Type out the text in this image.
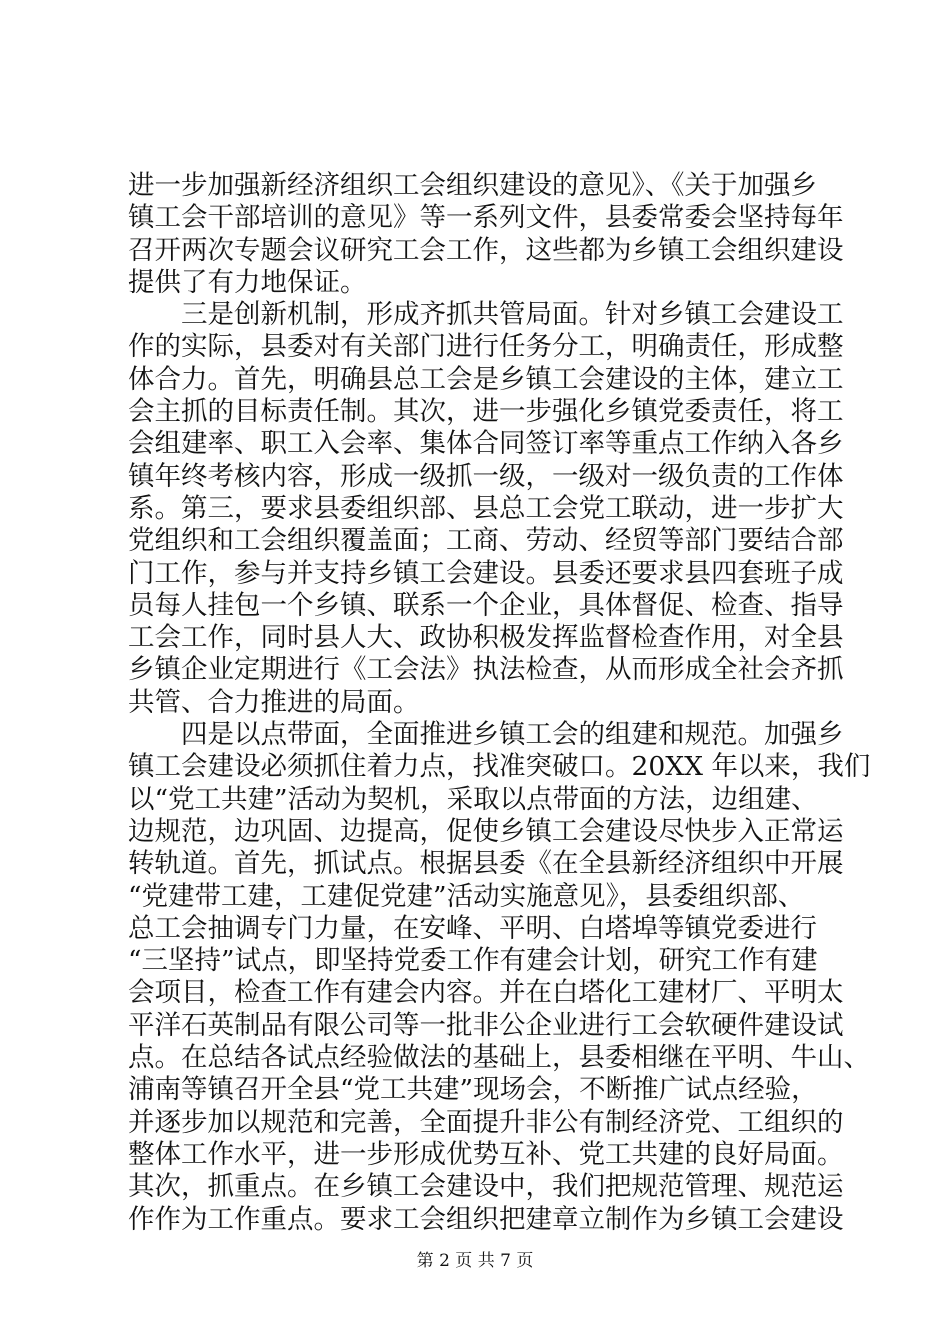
进一步加强新经济组织工会组织建设的意见》、《关于加强乡
镇工会干部培训的意见》等一系列文件，县委常委会坚持每年
召开两次专题会议研究工会工作，这些都为乡镇工会组织建设
提供了有力地保证。
　　三是创新机制，形成齐抓共管局面。针对乡镇工会建设工
作的实际，县委对有关部门进行任务分工，明确责任，形成整
体合力。首先，明确县总工会是乡镇工会建设的主体，建立工
会主抓的目标责任制。其次，进一步强化乡镇党委责任，将工
会组建率、职工入会率、集体合同签订率等重点工作纳入各乡
镇年终考核内容，形成一级抓一级，一级对一级负责的工作体
系。第三，要求县委组织部、县总工会党工联动，进一步扩大
党组织和工会组织覆盖面；工商、劳动、经贸等部门要结合部
门工作，参与并支持乡镇工会建设。县委还要求县四套班子成
员每人挂包一个乡镇、联系一个企业，具体督促、检查、指导
工会工作，同时县人大、政协积极发挥监督检查作用，对全县
乡镇企业定期进行《工会法》执法检查，从而形成全社会齐抓
共管、合力推进的局面。
　　四是以点带面，全面推进乡镇工会的组建和规范。加强乡
镇工会建设必须抓住着力点，找准突破口。20XX 年以来，我们
以“党工共建”活动为契机，采取以点带面的方法，边组建、
边规范，边巩固、边提高，促使乡镇工会建设尽快步入正常运
转轨道。首先，抓试点。根据县委《在全县新经济组织中开展
“党建带工建，工建促党建”活动实施意见》，县委组织部、
总工会抽调专门力量，在安峰、平明、白塔埠等镇党委进行
“三坚持”试点，即坚持党委工作有建会计划，研究工作有建
会项目，检查工作有建会内容。并在白塔化工建材厂、平明太
平洋石英制品有限公司等一批非公企业进行工会软硬件建设试
点。在总结各试点经验做法的基础上，县委相继在平明、牛山、
浦南等镇召开全县“党工共建”现场会，不断推广试点经验，
并逐步加以规范和完善，全面提升非公有制经济党、工组织的
整体工作水平，进一步形成优势互补、党工共建的良好局面。
其次，抓重点。在乡镇工会建设中，我们把规范管理、规范运
作作为工作重点。要求工会组织把建章立制作为乡镇工会建设
第 2 页 共 7 页
